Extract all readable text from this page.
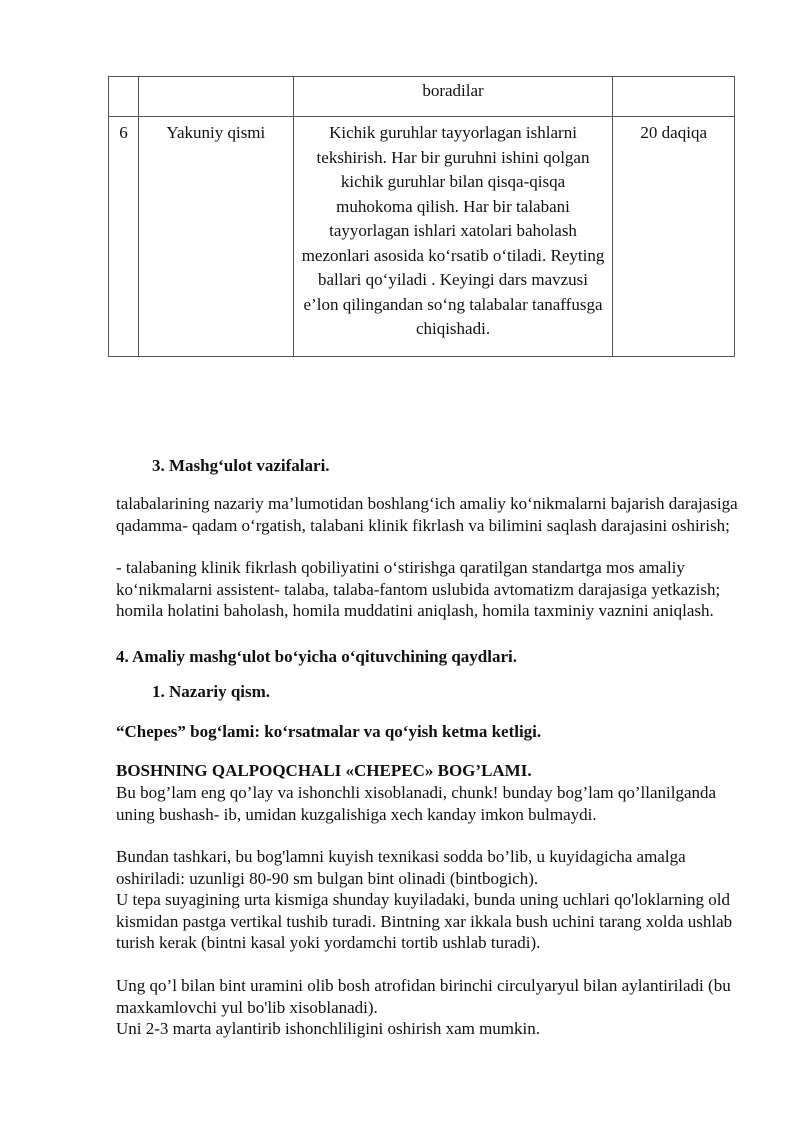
		boradilar	
6	Yakuniy qismi	Kichik guruhlar tayyorlagan ishlarni tekshirish. Har bir guruhni ishini qolgan kichik guruhlar bilan qisqa-qisqa muhokoma qilish. Har bir talabani tayyorlagan ishlari xatolari baholash mezonlari asosida ko‘rsatib o‘tiladi. Reyting ballari qo‘yiladi . Keyingi dars mavzusi e’lon qilingandan so‘ng talabalar tanaffusga chiqishadi.	20 daqiqa

3. Mashg‘ulot vazifalari.

talabalarining nazariy ma’lumotidan boshlang‘ich amaliy ko‘nikmalarni bajarish darajasiga qadamma- qadam o‘rgatish, talabani klinik fikrlash va bilimini saqlash darajasini oshirish;

- talabaning klinik fikrlash qobiliyatini o‘stirishga qaratilgan standartga mos amaliy ko‘nikmalarni assistent- talaba, talaba-fantom uslubida avtomatizm darajasiga yetkazish; homila holatini baholash, homila muddatini aniqlash, homila taxminiy vaznini aniqlash.

4. Amaliy mashg‘ulot bo‘yicha o‘qituvchining qaydlari.

1. Nazariy qism.

“Chepes” bog‘lami: ko‘rsatmalar va qo‘yish ketma ketligi.

BOSHNING QALPOQCHALI «CHEPEC» BOG’LAMI.

Bu bog’lam eng qo’lay va ishonchli xisoblanadi, chunk! bunday bog’lam qo’llanilganda uning bushash- ib, umidan kuzgalishiga xech kanday imkon bulmaydi.

Bundan tashkari, bu bog'lamni kuyish texnikasi sodda bo’lib, u kuyidagicha amalga oshiriladi: uzunligi 80-90 sm bulgan bint olinadi (bintbogich).

U tepa suyagining urta kismiga shunday kuyiladaki, bunda uning uchlari qo'loklarning old kismidan pastga vertikal tushib turadi. Bintning xar ikkala bush uchini tarang xolda ushlab turish kerak (bintni kasal yoki yordamchi tortib ushlab turadi).

Ung qo’l bilan bint uramini olib bosh atrofidan birinchi circulyaryul bilan aylantiriladi (bu maxkamlovchi yul bo'lib xisoblanadi).

Uni 2-3 marta aylantirib ishonchliligini oshirish xam mumkin.
